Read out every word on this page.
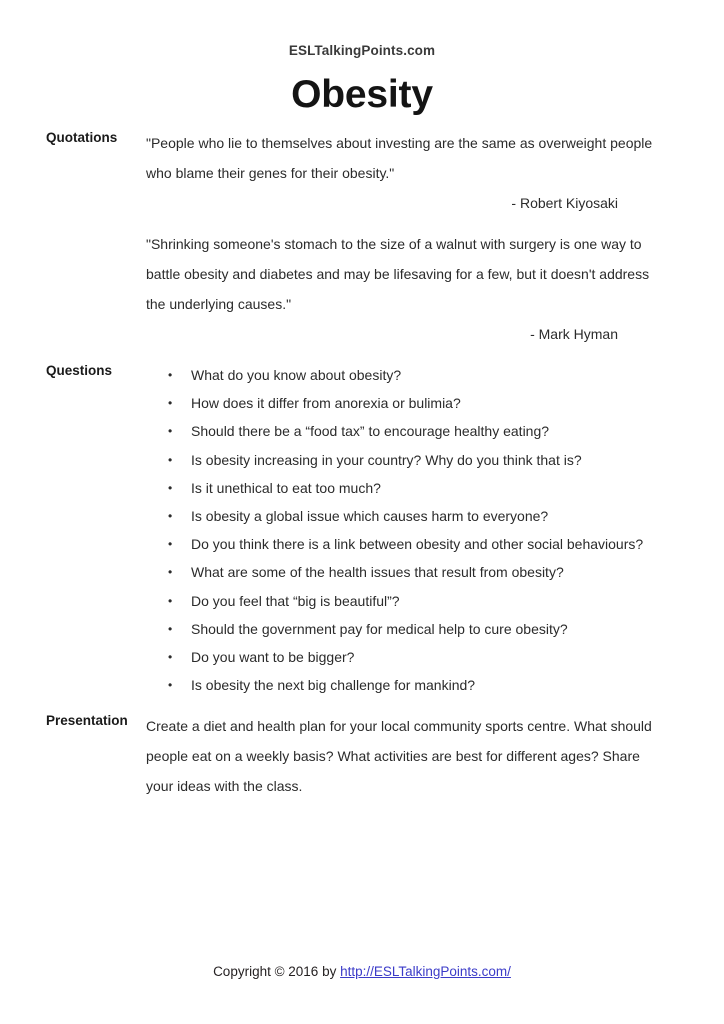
ESLTalkingPoints.com
Obesity
Quotations	"People who lie to themselves about investing are the same as overweight people who blame their genes for their obesity."
- Robert Kiyosaki
"Shrinking someone's stomach to the size of a walnut with surgery is one way to battle obesity and diabetes and may be lifesaving for a few, but it doesn't address the underlying causes."
- Mark Hyman
Questions	• What do you know about obesity?
• How does it differ from anorexia or bulimia?
• Should there be a “food tax” to encourage healthy eating?
• Is obesity increasing in your country? Why do you think that is?
• Is it unethical to eat too much?
• Is obesity a global issue which causes harm to everyone?
• Do you think there is a link between obesity and other social behaviours?
• What are some of the health issues that result from obesity?
• Do you feel that “big is beautiful”?
• Should the government pay for medical help to cure obesity?
• Do you want to be bigger?
• Is obesity the next big challenge for mankind?
Presentation	Create a diet and health plan for your local community sports centre. What should people eat on a weekly basis? What activities are best for different ages? Share your ideas with the class.
Copyright © 2016 by http://ESLTalkingPoints.com/
